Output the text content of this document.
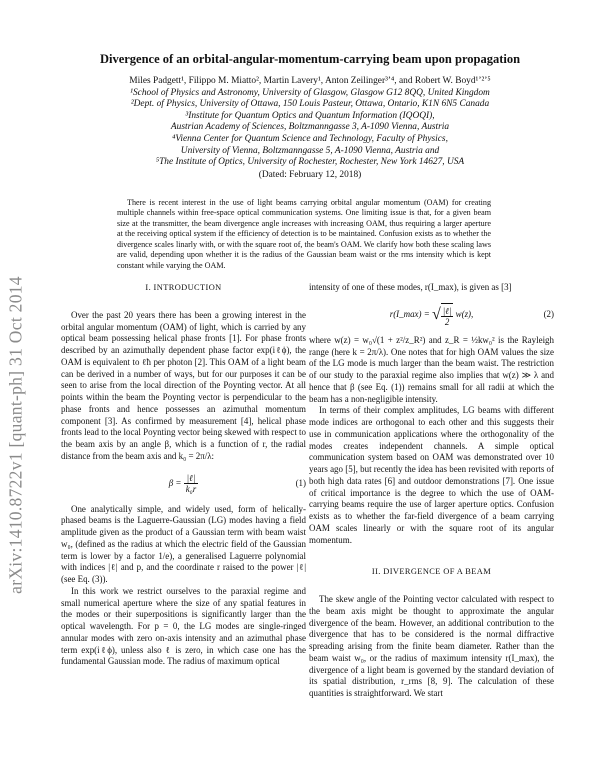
arXiv:1410.8722v1 [quant-ph] 31 Oct 2014
Divergence of an orbital-angular-momentum-carrying beam upon propagation
Miles Padgett¹, Filippo M. Miatto², Martin Lavery¹, Anton Zeilinger³ʼ⁴, and Robert W. Boyd¹ʼ²ʼ⁵
¹School of Physics and Astronomy, University of Glasgow, Glasgow G12 8QQ, United Kingdom
²Dept. of Physics, University of Ottawa, 150 Louis Pasteur, Ottawa, Ontario, K1N 6N5 Canada
³Institute for Quantum Optics and Quantum Information (IQOQI),
Austrian Academy of Sciences, Boltzmanngasse 3, A-1090 Vienna, Austria
⁴Vienna Center for Quantum Science and Technology, Faculty of Physics,
University of Vienna, Boltzmanngasse 5, A-1090 Vienna, Austria and
⁵The Institute of Optics, University of Rochester, Rochester, New York 14627, USA
(Dated: February 12, 2018)

There is recent interest in the use of light beams carrying orbital angular momentum (OAM) for creating multiple channels within free-space optical communication systems. One limiting issue is that, for a given beam size at the transmitter, the beam divergence angle increases with increasing OAM, thus requiring a larger aperture at the receiving optical system if the efficiency of detection is to be maintained. Confusion exists as to whether the divergence scales linarly with, or with the square root of, the beam's OAM. We clarify how both these scaling laws are valid, depending upon whether it is the radius of the Gaussian beam waist or the rms intensity which is kept constant while varying the OAM.

I. INTRODUCTION

Over the past 20 years there has been a growing interest in the orbital angular momentum (OAM) of light, which is carried by any optical beam possessing helical phase fronts [1]. For phase fronts described by an azimuthally dependent phase factor exp(iℓϕ), the OAM is equivalent to ℓħ per photon [2]. This OAM of a light beam can be derived in a number of ways, but for our purposes it can be seen to arise from the local direction of the Poynting vector. At all points within the beam the Poynting vector is perpendicular to the phase fronts and hence possesses an azimuthal momentum component [3]. As confirmed by measurement [4], helical phase fronts lead to the local Poynting vector being skewed with respect to the beam axis by an angle β, which is a function of r, the radial distance from the beam axis and k₀ = 2π/λ:

$\beta = \frac{\text{|ℓ|}}{\text{k₀r}}$	(1)

One analytically simple, and widely used, form of helically-phased beams is the Laguerre-Gaussian (LG) modes having a field amplitude given as the product of a Gaussian term with beam waist w₀, (defined as the radius at which the electric field of the Gaussian term is lower by a factor 1/e), a generalised Laguerre polynomial with indices |ℓ| and p, and the coordinate r raised to the power |ℓ| (see Eq. (3)).

In this work we restrict ourselves to the paraxial regime and small numerical aperture where the size of any spatial features in the modes or their superpositions is significantly larger than the optical wavelength. For p = 0, the LG modes are single-ringed annular modes with zero on-axis intensity and an azimuthal phase term exp(iℓϕ), unless also ℓ is zero, in which case one has the fundamental Gaussian mode. The radius of maximum optical

intensity of one of these modes, r(I_max), is given as [3]

r(I_max) = √ $\frac{\text{|ℓ|}}{2} w(z)$,	(2)

where w(z) = w₀√(1 + z²/z_R²) and z_R = ½kw₀² is the Rayleigh range (here k = 2π/λ). One notes that for high OAM values the size of the LG mode is much larger than the beam waist. The restriction of our study to the paraxial regime also implies that w(z) ≫ λ and hence that β (see Eq. (1)) remains small for all radii at which the beam has a non-negligible intensity.

In terms of their complex amplitudes, LG beams with different mode indices are orthogonal to each other and this suggests their use in communication applications where the orthogonality of the modes creates independent channels. A simple optical communication system based on OAM was demonstrated over 10 years ago [5], but recently the idea has been revisited with reports of both high data rates [6] and outdoor demonstrations [7]. One issue of critical importance is the degree to which the use of OAM-carrying beams require the use of larger aperture optics. Confusion exists as to whether the far-field divergence of a beam carrying OAM scales linearly or with the square root of its angular momentum.

II. DIVERGENCE OF A BEAM

The skew angle of the Pointing vector calculated with respect to the beam axis might be thought to approximate the angular divergence of the beam. However, an additional contribution to the divergence that has to be considered is the normal diffractive spreading arising from the finite beam diameter. Rather than the beam waist w₀, or the radius of maximum intensity r(I_max), the divergence of a light beam is governed by the standard deviation of its spatial distribution, r_rms [8, 9]. The calculation of these quantities is straightforward. We start
